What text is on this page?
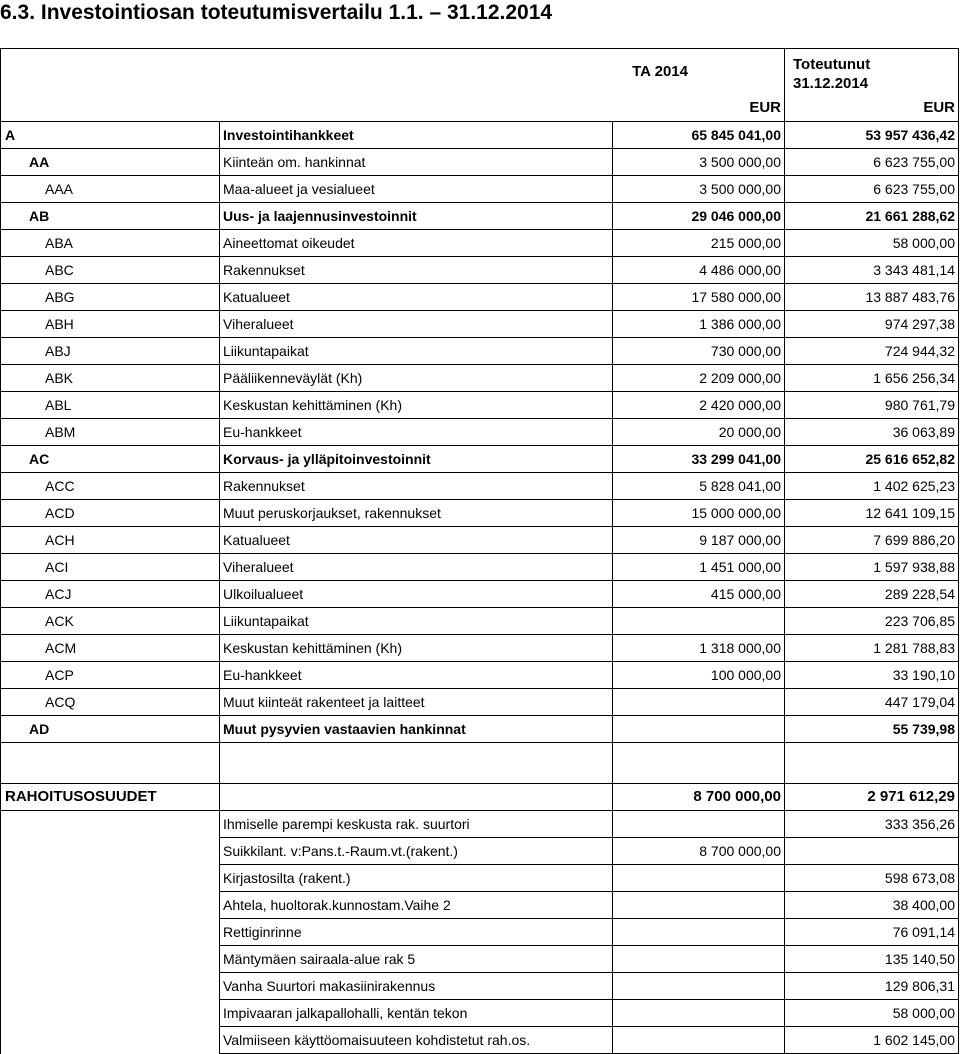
6.3. Investointiosan toteutumisvertailu 1.1. – 31.12.2014
		TA 2014	Toteutunut
31.12.2014
		EUR	EUR
A	Investointihankkeet	65 845 041,00	53 957 436,42
AA	Kiinteän om. hankinnat	3 500 000,00	6 623 755,00
AAA	Maa-alueet ja vesialueet	3 500 000,00	6 623 755,00
AB	Uus- ja laajennusinvestoinnit	29 046 000,00	21 661 288,62
ABA	Aineettomat oikeudet	215 000,00	58 000,00
ABC	Rakennukset	4 486 000,00	3 343 481,14
ABG	Katualueet	17 580 000,00	13 887 483,76
ABH	Viheralueet	1 386 000,00	974 297,38
ABJ	Liikuntapaikat	730 000,00	724 944,32
ABK	Pääliikenneväylät (Kh)	2 209 000,00	1 656 256,34
ABL	Keskustan kehittäminen (Kh)	2 420 000,00	980 761,79
ABM	Eu-hankkeet	20 000,00	36 063,89
AC	Korvaus- ja ylläpitoinvestoinnit	33 299 041,00	25 616 652,82
ACC	Rakennukset	5 828 041,00	1 402 625,23
ACD	Muut peruskorjaukset, rakennukset	15 000 000,00	12 641 109,15
ACH	Katualueet	9 187 000,00	7 699 886,20
ACI	Viheralueet	1 451 000,00	1 597 938,88
ACJ	Ulkoilualueet	415 000,00	289 228,54
ACK	Liikuntapaikat		223 706,85
ACM	Keskustan kehittäminen (Kh)	1 318 000,00	1 281 788,83
ACP	Eu-hankkeet	100 000,00	33 190,10
ACQ	Muut kiinteät rakenteet ja laitteet		447 179,04
AD	Muut pysyvien vastaavien hankinnat		55 739,98

RAHOITUSOSUUDET		8 700 000,00	2 971 612,29
	Ihmiselle parempi keskusta rak. suurtori		333 356,26
	Suikkilant. v:Pans.t.-Raum.vt.(rakent.)	8 700 000,00	
	Kirjastosilta (rakent.)		598 673,08
	Ahtela, huoltorak.kunnostam.Vaihe 2		38 400,00
	Rettiginrinne		76 091,14
	Mäntymäen sairaala-alue rak 5		135 140,50
	Vanha Suurtori makasiinirakennus		129 806,31
	Impivaaran jalkapallohalli, kentän tekon		58 000,00
	Valmiiseen käyttöomaisuuteen kohdistetut rah.os.		1 602 145,00
